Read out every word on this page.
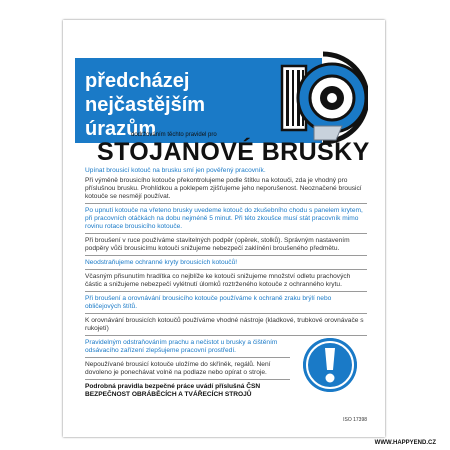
předcházej
nejčastějším
úrazům
dodržováním těchto pravidel pro
STOJANOVÉ BRUSKY

Upínat brousicí kotouč na brusku smí jen pověřený pracovník.

Při výměně brousicího kotouče překontrolujeme podle štítku na kotouči, zda je vhodný pro příslušnou brusku. Prohlídkou a poklepem zjišťujeme jeho neporušenost. Neoznačené brousicí kotouče se nesmějí používat.

Po upnutí kotouče na vřeteno brusky uvedeme kotouč do zkušebního chodu s panelem krytem, při pracovních otáčkách na dobu nejméně 5 minut. Při této zkoušce musí stát pracovník mimo rovinu rotace brousicího kotouče.

Při broušení v ruce používáme stavitelných podpěr (opěrek, stolků). Správným nastavením podpěry vůči brousicímu kotouči snižujeme nebezpečí zaklínění broušeného předmětu.

Neodstraňujeme ochranné kryty brousicích kotoučů!

Včasným přisunutím hradítka co nejblíže ke kotouči snižujeme množství odletu prachových částic a snižujeme nebezpečí vylétnutí úlomků roztrženého kotouče z ochranného krytu.

Při broušení a orovnávání brousicího kotouče používáme k ochraně zraku brýlí nebo obličejových štítů.

K orovnávání brousicích kotoučů používáme vhodné nástroje (kladkové, trubkové orovnávače s rukojetí)

Pravidelným odstraňováním prachu a nečistot u brusky a čištěním odsávacího zařízení zlepšujeme pracovní prostředí.

Nepoužívané brousicí kotouče uložíme do skříněk, regálů. Není dovoleno je ponechávat volně na podlaze nebo opírat o stroje.

Podrobná pravidla bezpečné práce uvádí příslušná ČSN BEZPEČNOST OBRÁBĚCÍCH A TVÁŘECÍCH STROJŮ

ISO 17398
WWW.HAPPYEND.CZ
